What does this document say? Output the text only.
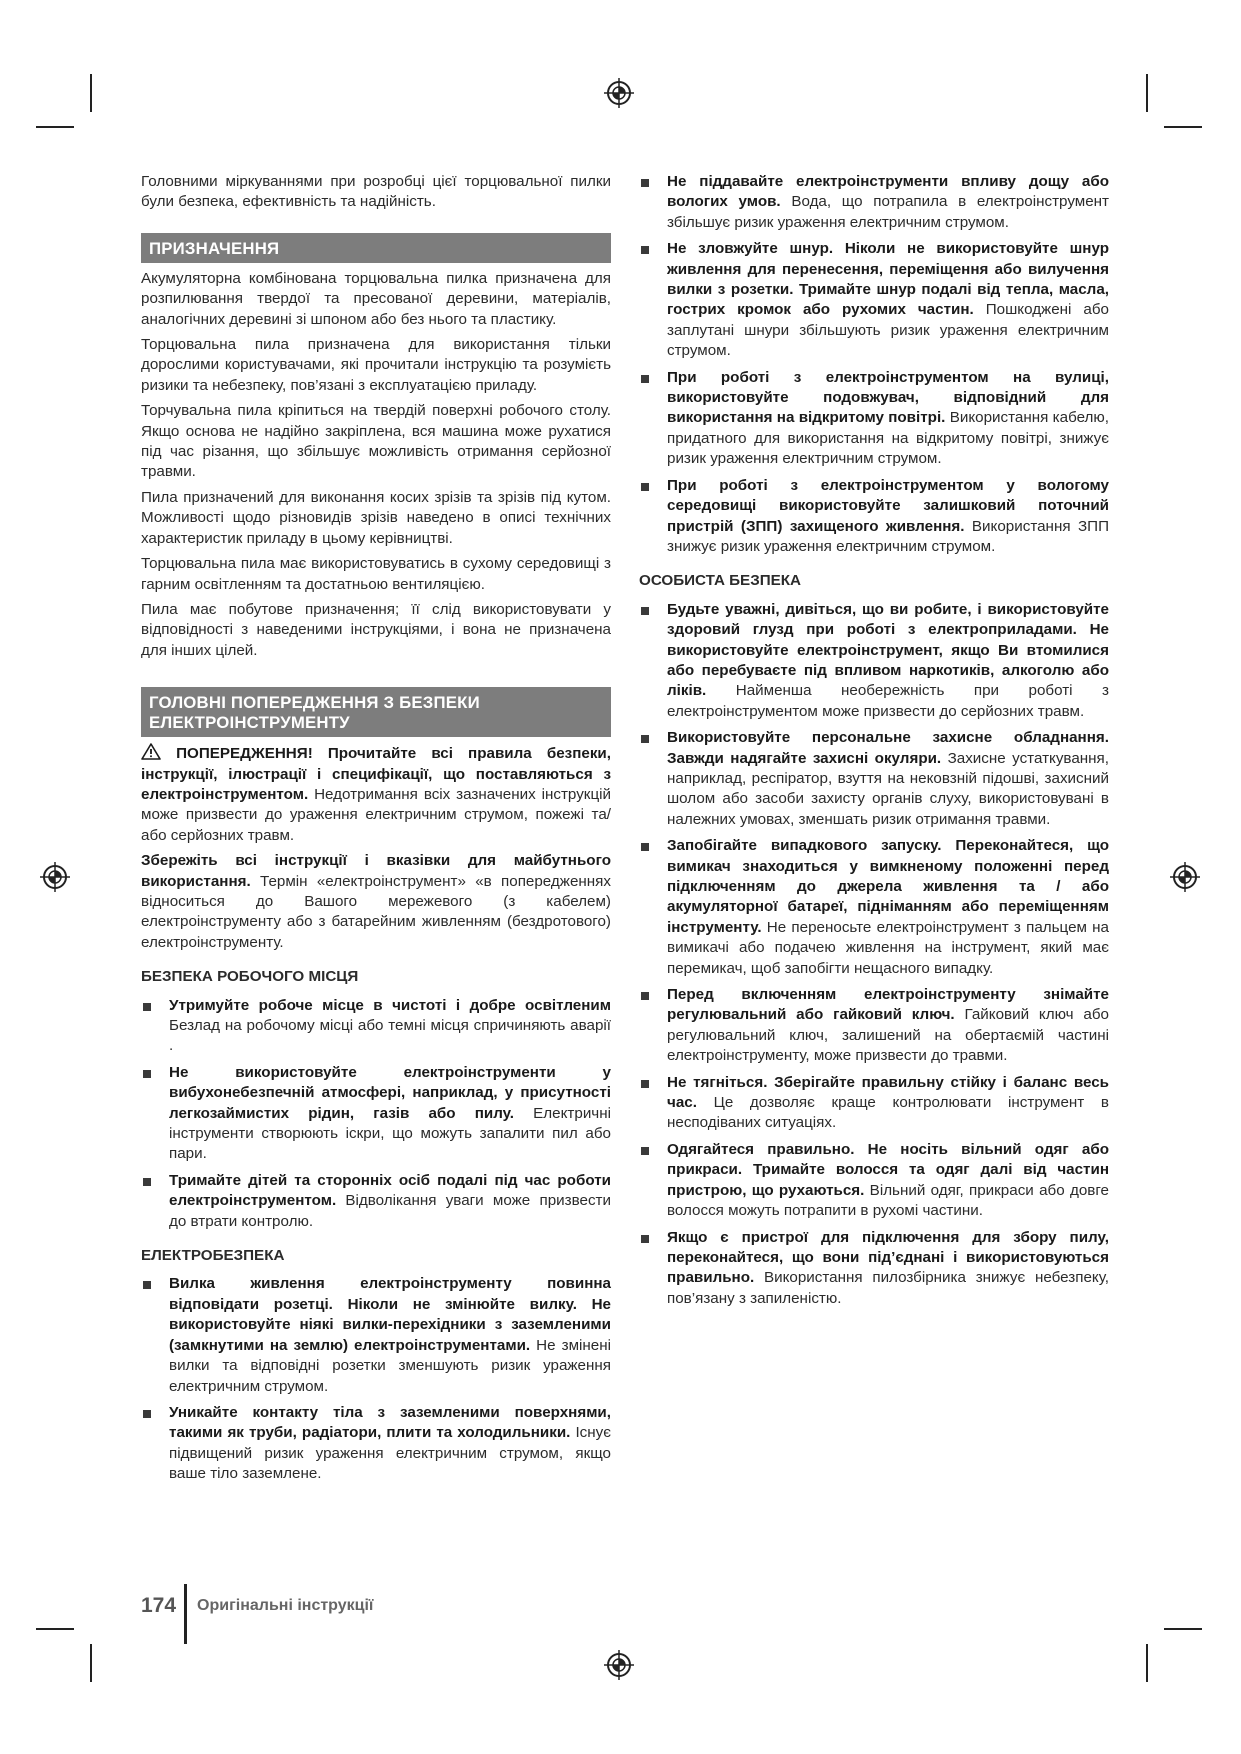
Головними міркуваннями при розробці цієї торцювальної пилки були безпека, ефективність та надійність.

ПРИЗНАЧЕННЯ

Акумуляторна комбінована торцювальна пилка призначена для розпилювання твердої та пресованої деревини, матеріалів, аналогічних деревині зі шпоном або без нього та пластику.

Торцювальна пила призначена для використання тільки дорослими користувачами, які прочитали інструкцію та розумієть ризики та небезпеку, пов’язані з експлуатацією приладу.

Торчувальна пила кріпиться на твердій поверхні робочого столу. Якщо основа не надійно закріплена, вся машина може рухатися під час різання, що збільшує можливість отримання серйозної травми.

Пила призначений для виконання косих зрізів та зрізів під кутом. Можливості щодо різновидів зрізів наведено в описі технічних характеристик приладу в цьому керівництві.

Торцювальна пила має використовуватись в сухому середовищі з гарним освітленням та достатньою вентиляцією.

Пила має побутове призначення; її слід використовувати у відповідності з наведеними інструкціями, і вона не призначена для інших цілей.

ГОЛОВНІ ПОПЕРЕДЖЕННЯ З БЕЗПЕКИ ЕЛЕКТРОІНСТРУМЕНТУ

ПОПЕРЕДЖЕННЯ! Прочитайте всі правила безпеки, інструкції, ілюстрації і специфікації, що поставляються з електроінструментом. Недотримання всіх зазначених інструкцій може призвести до ураження електричним струмом, пожежі та/або серйозних травм.

Збережіть всі інструкції і вказівки для майбутнього використання. Термін «електроінструмент» «в попередженнях відноситься до Вашого мережевого (з кабелем) електроінструменту або з батарейним живленням (бездротового) електроінструменту.

БЕЗПЕКА РОБОЧОГО МІСЦЯ
Утримуйте робоче місце в чистоті і добре освітленим Безлад на робочому місці або темні місця спричиняють аварії .
Не використовуйте електроінструменти у вибухонебезпечній атмосфері, наприклад, у присутності легкозаймистих рідин, газів або пилу. Електричні інструменти створюють іскри, що можуть запалити пил або пари.
Тримайте дітей та сторонніх осіб подалі під час роботи електроінструментом. Відволікання уваги може призвести до втрати контролю.
ЕЛЕКТРОБЕЗПЕКА
Вилка живлення електроінструменту повинна відповідати розетці. Ніколи не змінюйте вилку. Не використовуйте ніякі вилки-перехідники з заземленими (замкнутими на землю) електроінструментами. Не змінені вилки та відповідні розетки зменшують ризик ураження електричним струмом.
Уникайте контакту тіла з заземленими поверхнями, такими як труби, радіатори, плити та холодильники. Існує підвищений ризик ураження електричним струмом, якщо ваше тіло заземлене.
Не піддавайте електроінструменти впливу дощу або вологих умов. Вода, що потрапила в електроінструмент збільшує ризик ураження електричним струмом.
Не зловжуйте шнур. Ніколи не використовуйте шнур живлення для перенесення, переміщення або вилучення вилки з розетки. Тримайте шнур подалі від тепла, масла, гострих кромок або рухомих частин. Пошкоджені або заплутані шнури збільшують ризик ураження електричним струмом.
При роботі з електроінструментом на вулиці, використовуйте подовжувач, відповідний для використання на відкритому повітрі. Використання кабелю, придатного для використання на відкритому повітрі, знижує ризик ураження електричним струмом.
При роботі з електроінструментом у вологому середовищі використовуйте залишковий поточний пристрій (ЗПП) захищеного живлення. Використання ЗПП знижує ризик ураження електричним струмом.
ОСОБИСТА БЕЗПЕКА
Будьте уважні, дивіться, що ви робите, і використовуйте здоровий глузд при роботі з електроприладами. Не використовуйте електроінструмент, якщо Ви втомилися або перебуваєте під впливом наркотиків, алкоголю або ліків. Найменша необережність при роботі з електроінструментом може призвести до серйозних травм.
Використовуйте персональне захисне обладнання. Завжди надягайте захисні окуляри. Захисне устаткування, наприклад, респіратор, взуття на нековзній підошві, захисний шолом або засоби захисту органів слуху, використовувані в належних умовах, зменшать ризик отримання травми.
Запобігайте випадкового запуску. Переконайтеся, що вимикач знаходиться у вимкненому положенні перед підключенням до джерела живлення та / або акумуляторної батареї, підніманням або переміщенням інструменту. Не переносьте електроінструмент з пальцем на вимикачі або подачею живлення на інструмент, який має перемикач, щоб запобігти нещасного випадку.
Перед включенням електроінструменту знімайте регулювальний або гайковий ключ. Гайковий ключ або регулювальний ключ, залишений на обертаємій частині електроінструменту, може призвести до травми.
Не тягніться. Зберігайте правильну стійку і баланс весь час. Це дозволяє краще контролювати інструмент в несподіваних ситуаціях.
Одягайтеся правильно. Не носіть вільний одяг або прикраси. Тримайте волосся та одяг далі від частин пристрою, що рухаються. Вільний одяг, прикраси або довге волосся можуть потрапити в рухомі частини.
Якщо є пристрої для підключення для збору пилу, переконайтеся, що вони під’єднані і використовуються правильно. Використання пилозбірника знижує небезпеку, пов’язану з запиленістю.
174	Оригінальні інструкції
